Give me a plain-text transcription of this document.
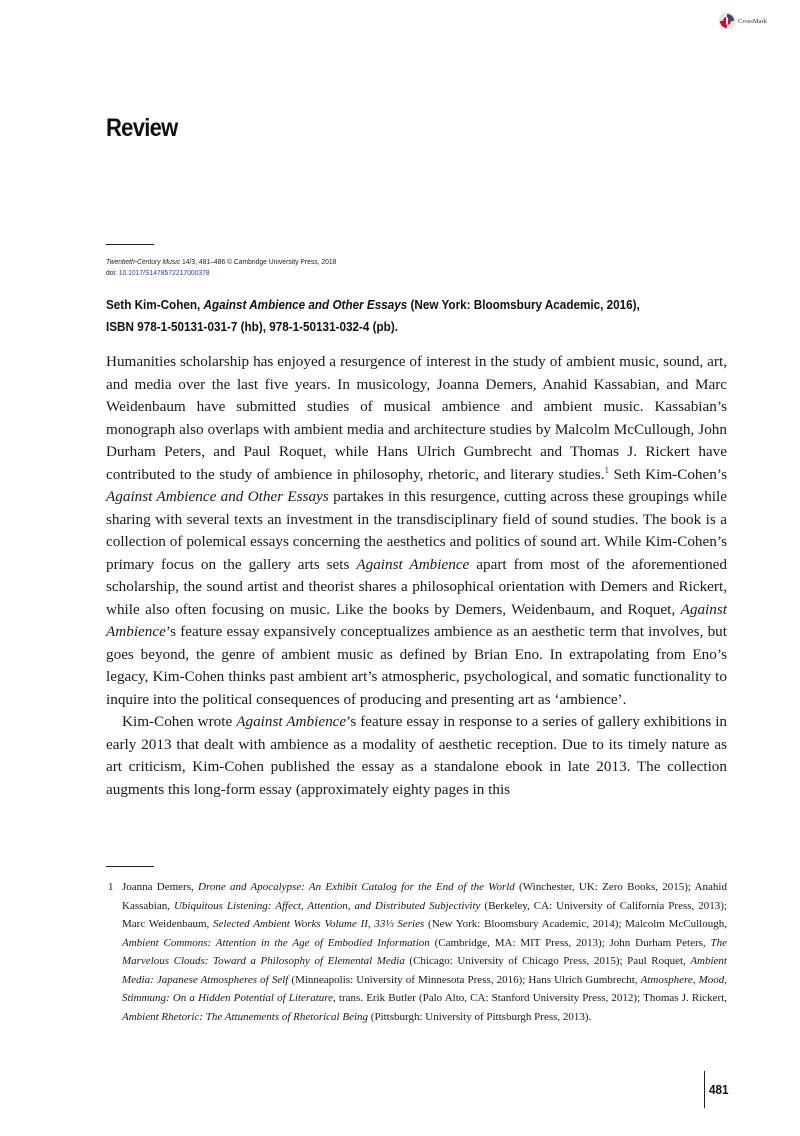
CrossMark
Review
Twentieth-Century Music 14/3, 481–486 © Cambridge University Press, 2018
doi: 10.1017/S1478572217000378
Seth Kim-Cohen, Against Ambience and Other Essays (New York: Bloomsbury Academic, 2016),
ISBN 978-1-50131-031-7 (hb), 978-1-50131-032-4 (pb).

Humanities scholarship has enjoyed a resurgence of interest in the study of ambient music, sound, art, and media over the last five years. In musicology, Joanna Demers, Anahid Kassabian, and Marc Weidenbaum have submitted studies of musical ambience and ambient music. Kassabian’s monograph also overlaps with ambient media and architecture studies by Malcolm McCullough, John Durham Peters, and Paul Roquet, while Hans Ulrich Gumbrecht and Thomas J. Rickert have contributed to the study of ambience in philosophy, rhetoric, and literary studies.$^1$ Seth Kim-Cohen’s Against Ambience and Other Essays partakes in this resurgence, cutting across these groupings while sharing with several texts an investment in the transdisciplinary field of sound studies. The book is a collection of polemical essays concerning the aesthetics and politics of sound art. While Kim-Cohen’s primary focus on the gallery arts sets Against Ambience apart from most of the aforementioned scholarship, the sound artist and theorist shares a philosophical orientation with Demers and Rickert, while also often focusing on music. Like the books by Demers, Weidenbaum, and Roquet, Against Ambience’s feature essay expansively conceptualizes ambience as an aesthetic term that involves, but goes beyond, the genre of ambient music as defined by Brian Eno. In extrapolating from Eno’s legacy, Kim-Cohen thinks past ambient art’s atmospheric, psychological, and somatic functionality to inquire into the political consequences of producing and presenting art as ‘ambience’.

Kim-Cohen wrote Against Ambience’s feature essay in response to a series of gallery exhibitions in early 2013 that dealt with ambience as a modality of aesthetic reception. Due to its timely nature as art criticism, Kim-Cohen published the essay as a standalone ebook in late 2013. The collection augments this long-form essay (approximately eighty pages in this

1 Joanna Demers, Drone and Apocalypse: An Exhibit Catalog for the End of the World (Winchester, UK: Zero Books, 2015); Anahid Kassabian, Ubiquitous Listening: Affect, Attention, and Distributed Subjectivity (Berkeley, CA: University of California Press, 2013); Marc Weidenbaum, Selected Ambient Works Volume II, 33⅓ Series (New York: Bloomsbury Academic, 2014); Malcolm McCullough, Ambient Commons: Attention in the Age of Embodied Information (Cambridge, MA: MIT Press, 2013); John Durham Peters, The Marvelous Clouds: Toward a Philosophy of Elemental Media (Chicago: University of Chicago Press, 2015); Paul Roquet, Ambient Media: Japanese Atmospheres of Self (Minneapolis: University of Minnesota Press, 2016); Hans Ulrich Gumbrecht, Atmosphere, Mood, Stimmung: On a Hidden Potential of Literature, trans. Erik Butler (Palo Alto, CA: Stanford University Press, 2012); Thomas J. Rickert, Ambient Rhetoric: The Attunements of Rhetorical Being (Pittsburgh: University of Pittsburgh Press, 2013).
481
